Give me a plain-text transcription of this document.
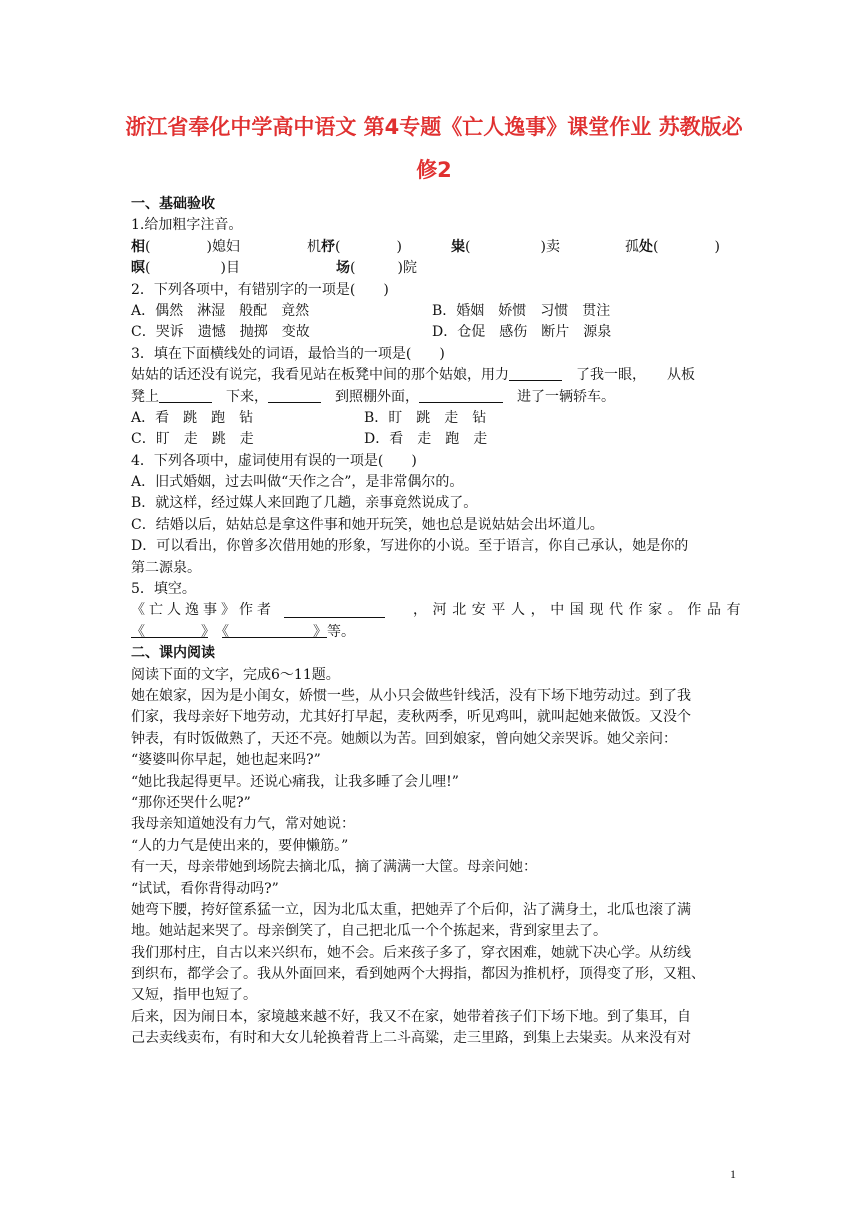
浙江省奉化中学高中语文 第4专题《亡人逸事》课堂作业 苏教版必
修2
一、基础验收
1.给加粗字注音。
相(　　　　)媳妇	机杼(　　　　)	粜(　　　　　)卖	孤处(　　　　)
暝(　　　　　)目	场(　　　)院
2．下列各项中，有错别字的一项是(　　)
A．偶然　淋湿　般配　竟然	B．婚姻　娇惯　习惯　贯注
C．哭诉　遗憾　抛掷　变故	D．仓促　感伤　断片　源泉
3．填在下面横线处的词语，最恰当的一项是(　　)
姑姑的话还没有说完，我看见站在板凳中间的那个姑娘，用力　	了我一眼，　　 从板
凳上　	下来，　	到照棚外面，　	进了一辆轿车。
A．看　跳　跑　钻	B．盯　跳　走　钻
C．盯　走　跳　走	D．看　走　跑　走
4．下列各项中，虚词使用有误的一项是(　　)
A．旧式婚姻，过去叫做“天作之合”，是非常偶尔的。
B．就这样，经过媒人来回跑了几趟，亲事竟然说成了。
C．结婚以后，姑姑总是拿这件事和她开玩笑，她也总是说姑姑会出坏道儿。
D．可以看出，你曾多次借用她的形象，写进你的小说。至于语言，你自己承认，她是你的
第二源泉。
5．填空。
《亡人逸事》作者	，河北安平人，中国现代作家。作品有
《　　　　	》　 《　　　　　　	》等。
二、课内阅读
阅读下面的文字，完成6～11题。
她在娘家，因为是小闺女，娇惯一些，从小只会做些针线活，没有下场下地劳动过。到了我
们家，我母亲好下地劳动，尤其好打早起，麦秋两季，听见鸡叫，就叫起她来做饭。又没个
钟表，有时饭做熟了，天还不亮。她颇以为苦。回到娘家，曾向她父亲哭诉。她父亲问：
“婆婆叫你早起，她也起来吗?”
“她比我起得更早。还说心痛我，让我多睡了会儿哩!”
“那你还哭什么呢?”
我母亲知道她没有力气，常对她说：
“人的力气是使出来的，要伸懒筋。”
有一天，母亲带她到场院去摘北瓜，摘了满满一大筐。母亲问她：
“试试，看你背得动吗?”
她弯下腰，挎好筐系猛一立，因为北瓜太重，把她弄了个后仰，沾了满身土，北瓜也滚了满
地。她站起来哭了。母亲倒笑了，自己把北瓜一个个拣起来，背到家里去了。
我们那村庄，自古以来兴织布，她不会。后来孩子多了，穿衣困难，她就下决心学。从纺线
到织布，都学会了。我从外面回来，看到她两个大拇指，都因为推机杼，顶得变了形，又粗、
又短，指甲也短了。
后来，因为闹日本，家境越来越不好，我又不在家，她带着孩子们下场下地。到了集耳，自
己去卖线卖布，有时和大女儿轮换着背上二斗高粱，走三里路，到集上去粜卖。从来没有对
1
